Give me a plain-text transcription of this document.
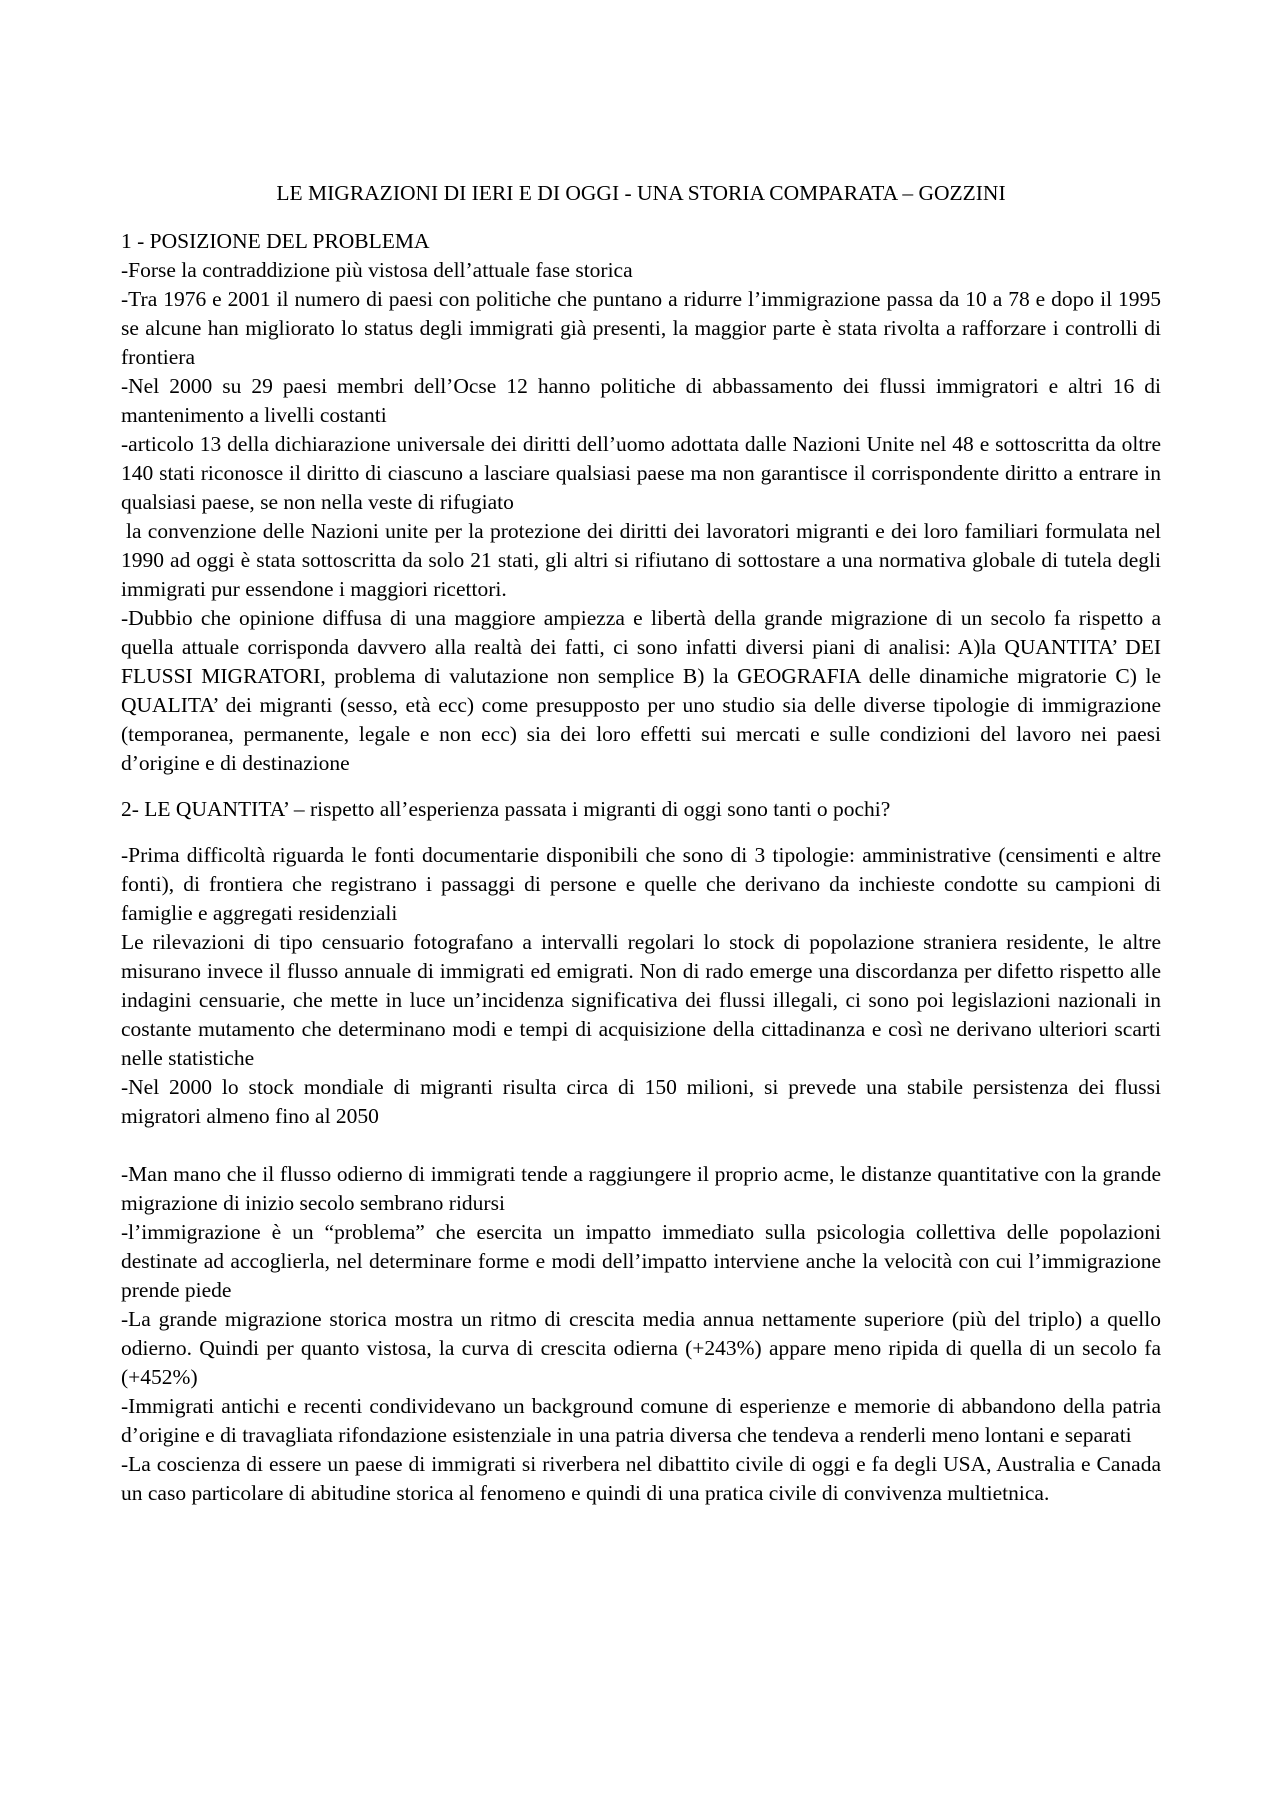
LE MIGRAZIONI DI IERI E DI OGGI - UNA STORIA COMPARATA – GOZZINI

1 - POSIZIONE DEL PROBLEMA

-Forse la contraddizione più vistosa dell’attuale fase storica

-Tra 1976 e 2001 il numero di paesi con politiche che puntano a ridurre l’immigrazione passa da 10 a 78 e dopo il 1995 se alcune han migliorato lo status degli immigrati già presenti, la maggior parte è stata rivolta a rafforzare i controlli di frontiera

-Nel 2000 su 29 paesi membri dell’Ocse 12 hanno politiche di abbassamento dei flussi immigratori e altri 16 di mantenimento a livelli costanti

-articolo 13 della dichiarazione universale dei diritti dell’uomo adottata dalle Nazioni Unite nel 48 e sottoscritta da oltre 140 stati riconosce il diritto di ciascuno a lasciare qualsiasi paese ma non garantisce il corrispondente diritto a entrare in qualsiasi paese, se non nella veste di rifugiato

la convenzione delle Nazioni unite per la protezione dei diritti dei lavoratori migranti e dei loro familiari formulata nel 1990 ad oggi è stata sottoscritta da solo 21 stati, gli altri si rifiutano di sottostare a una normativa globale di tutela degli immigrati pur essendone i maggiori ricettori.

-Dubbio che opinione diffusa di una maggiore ampiezza e libertà della grande migrazione di un secolo fa rispetto a quella attuale corrisponda davvero alla realtà dei fatti, ci sono infatti diversi piani di analisi: A)la QUANTITA’ DEI FLUSSI MIGRATORI, problema di valutazione non semplice B) la GEOGRAFIA delle dinamiche migratorie C) le QUALITA’ dei migranti (sesso, età ecc) come presupposto per uno studio sia delle diverse tipologie di immigrazione (temporanea, permanente, legale e non ecc) sia dei loro effetti sui mercati e sulle condizioni del lavoro nei paesi d’origine e di destinazione

2- LE QUANTITA’ – rispetto all’esperienza passata i migranti di oggi sono tanti o pochi?

-Prima difficoltà riguarda le fonti documentarie disponibili che sono di 3 tipologie: amministrative (censimenti e altre fonti), di frontiera che registrano i passaggi di persone e quelle che derivano da inchieste condotte su campioni di famiglie e aggregati residenziali

Le rilevazioni di tipo censuario fotografano a intervalli regolari lo stock di popolazione straniera residente, le altre misurano invece il flusso annuale di immigrati ed emigrati. Non di rado emerge una discordanza per difetto rispetto alle indagini censuarie, che mette in luce un’incidenza significativa dei flussi illegali, ci sono poi legislazioni nazionali in costante mutamento che determinano modi e tempi di acquisizione della cittadinanza e così ne derivano ulteriori scarti nelle statistiche

-Nel 2000 lo stock mondiale di migranti risulta circa di 150 milioni, si prevede una stabile persistenza dei flussi migratori almeno fino al 2050

-Man mano che il flusso odierno di immigrati tende a raggiungere il proprio acme, le distanze quantitative con la grande migrazione di inizio secolo sembrano ridursi

-l’immigrazione è un “problema” che esercita un impatto immediato sulla psicologia collettiva delle popolazioni destinate ad accoglierla, nel determinare forme e modi dell’impatto interviene anche la velocità con cui l’immigrazione prende piede

-La grande migrazione storica mostra un ritmo di crescita media annua nettamente superiore (più del triplo) a quello odierno. Quindi per quanto vistosa, la curva di crescita odierna (+243%) appare meno ripida di quella di un secolo fa (+452%)

-Immigrati antichi e recenti condividevano un background comune di esperienze e memorie di abbandono della patria d’origine e di travagliata rifondazione esistenziale in una patria diversa che tendeva a renderli meno lontani e separati

-La coscienza di essere un paese di immigrati si riverbera nel dibattito civile di oggi e fa degli USA, Australia e Canada un caso particolare di abitudine storica al fenomeno e quindi di una pratica civile di convivenza multietnica.
